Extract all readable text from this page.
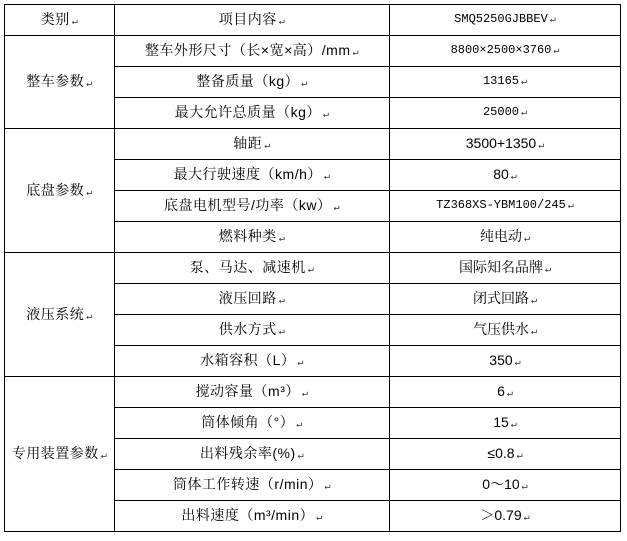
类别 ↵	项目内容 ↵	SMQ5250GJBBEV ↵
整车参数 ↵	整车外形尺寸（长×宽×高）/mm ↵	8800×2500×3760 ↵
	整备质量（kg） ↵	13165 ↵
	最大允许总质量（kg） ↵	25000 ↵
底盘参数 ↵	轴距 ↵	3500+1350 ↵
	最大行驶速度（km/h） ↵	80 ↵
	底盘电机型号/功率（kw） ↵	TZ368XS-YBM100/245 ↵
	燃料种类 ↵	纯电动 ↵
液压系统 ↵	泵、马达、减速机 ↵	国际知名品牌 ↵
	液压回路 ↵	闭式回路 ↵
	供水方式 ↵	气压供水 ↵
	水箱容积（L） ↵	350 ↵
专用装置参数 ↵	搅动容量（m³） ↵	6 ↵
	筒体倾角（°） ↵	15 ↵
	出料残余率(%) ↵	≤0.8 ↵
	筒体工作转速（r/min） ↵	0～10 ↵
	出料速度（m³/min） ↵	＞0.79 ↵
